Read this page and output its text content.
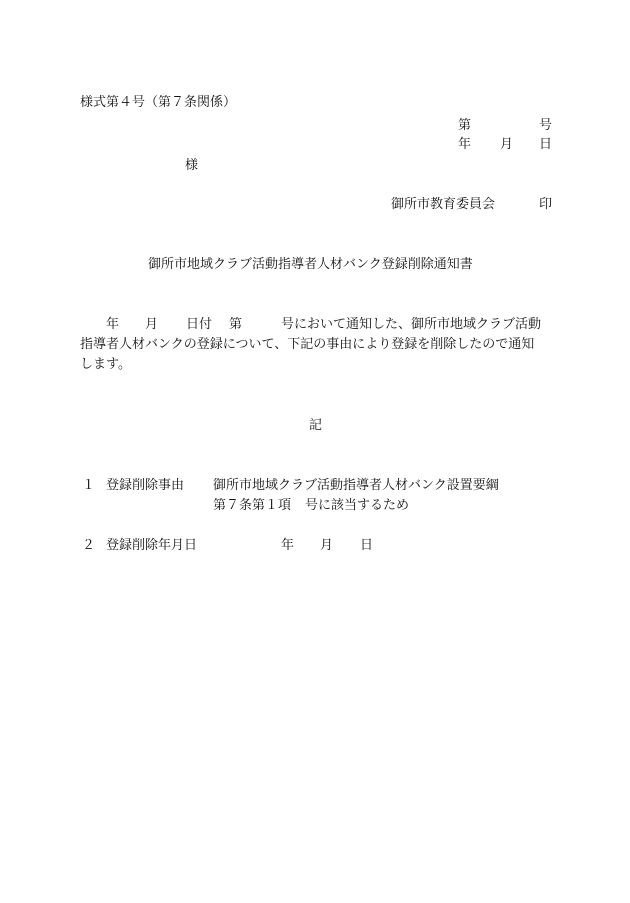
様式第４号（第７条関係）
第	号
年 月 日
様
御所市教育委員会	印
御所市地域クラブ活動指導者人材バンク登録削除通知書
年 月 日付 第	号において通知した、御所市地域クラブ活動
指導者人材バンクの登録について、下記の事由により登録を削除したので通知
します。
記
１ 登録削除事由 御所市地域クラブ活動指導者人材バンク設置要綱
第７条第１項 号に該当するため
２ 登録削除年月日	年 月 日
